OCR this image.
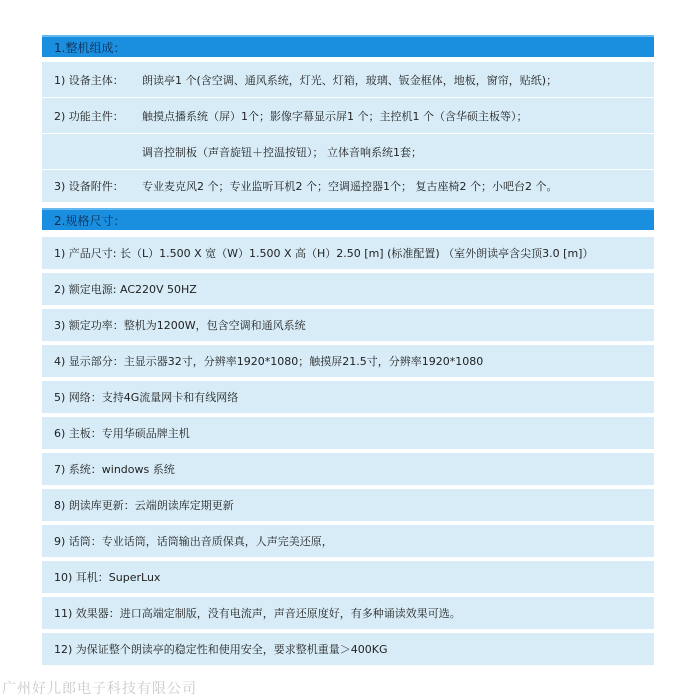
1.整机组成：
1) 设备主体：	朗读亭1 个(含空调、通风系统，灯光、灯箱，玻璃、钣金框体，地板，窗帘，贴纸)；
2) 功能主件：	触摸点播系统（屏）1个；影像字幕显示屏1 个；主控机1 个（含华硕主板等）；
调音控制板（声音旋钮＋控温按钮）； 立体音响系统1套；
3) 设备附件：	专业麦克风2 个；专业监听耳机2 个；空调遥控器1个； 复古座椅2 个；小吧台2 个。
2.规格尺寸：
1) 产品尺寸: 长（L）1.500 X 宽（W）1.500 X 高（H）2.50 [m] (标准配置) （室外朗读亭含尖顶3.0 [m]）
2) 额定电源: AC220V 50HZ
3) 额定功率：整机为1200W，包含空调和通风系统
4) 显示部分：主显示器32寸，分辨率1920*1080；触摸屏21.5寸，分辨率1920*1080
5) 网络：支持4G流量网卡和有线网络
6) 主板：专用华硕品牌主机
7) 系统：windows 系统
8) 朗读库更新：云端朗读库定期更新
9) 话筒：专业话筒，话筒输出音质保真，人声完美还原，
10) 耳机：SuperLux
11) 效果器：进口高端定制版，没有电流声，声音还原度好，有多种诵读效果可选。
12) 为保证整个朗读亭的稳定性和使用安全，要求整机重量＞400KG
广州好儿郎电子科技有限公司
